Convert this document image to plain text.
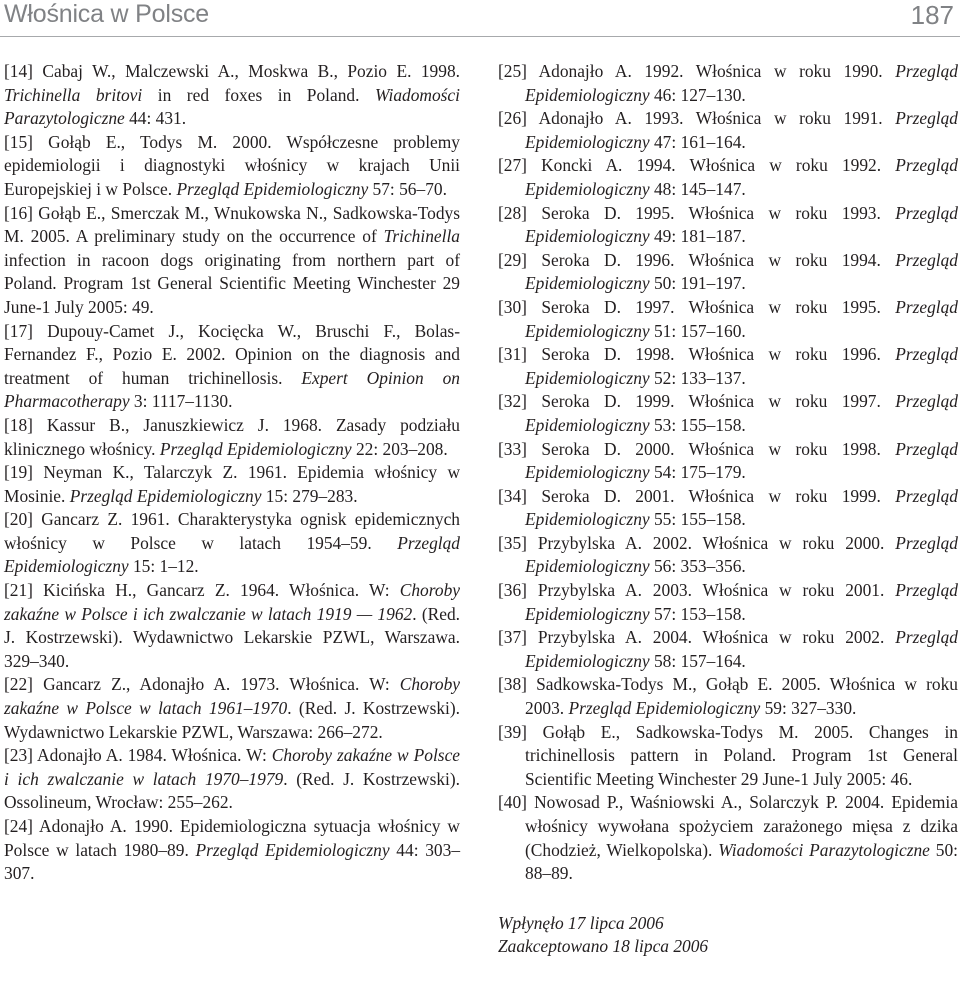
Włośnica w Polsce	187

[14] Cabaj W., Malczewski A., Moskwa B., Pozio E. 1998. Trichinella britovi in red foxes in Poland. Wiadomości Parazytologiczne 44: 431.

[15] Gołąb E., Todys M. 2000. Współczesne problemy epidemiologii i diagnostyki włośnicy w krajach Unii Europejskiej i w Polsce. Przegląd Epidemiologiczny 57: 56–70.

[16] Gołąb E., Smerczak M., Wnukowska N., Sadkowska-Todys M. 2005. A preliminary study on the occurrence of Trichinella infection in racoon dogs originating from northern part of Poland. Program 1st General Scientific Meeting Winchester 29 June-1 July 2005: 49.

[17] Dupouy-Camet J., Kocięcka W., Bruschi F., Bolas-Fernandez F., Pozio E. 2002. Opinion on the diagnosis and treatment of human trichinellosis. Expert Opinion on Pharmacotherapy 3: 1117–1130.

[18] Kassur B., Januszkiewicz J. 1968. Zasady podziału klinicznego włośnicy. Przegląd Epidemiologiczny 22: 203–208.

[19] Neyman K., Talarczyk Z. 1961. Epidemia włośnicy w Mosinie. Przegląd Epidemiologiczny 15: 279–283.

[20] Gancarz Z. 1961. Charakterystyka ognisk epidemicznych włośnicy w Polsce w latach 1954–59. Przegląd Epidemiologiczny 15: 1–12.

[21] Kicińska H., Gancarz Z. 1964. Włośnica. W: Choroby zakaźne w Polsce i ich zwalczanie w latach 1919 — 1962. (Red. J. Kostrzewski). Wydawnictwo Lekarskie PZWL, Warszawa. 329–340.

[22] Gancarz Z., Adonajło A. 1973. Włośnica. W: Choroby zakaźne w Polsce w latach 1961–1970. (Red. J. Kostrzewski). Wydawnictwo Lekarskie PZWL, Warszawa: 266–272.

[23] Adonajło A. 1984. Włośnica. W: Choroby zakaźne w Polsce i ich zwalczanie w latach 1970–1979. (Red. J. Kostrzewski). Ossolineum, Wrocław: 255–262.

[24] Adonajło A. 1990. Epidemiologiczna sytuacja włośnicy w Polsce w latach 1980–89. Przegląd Epidemiologiczny 44: 303–307.

[25] Adonajło A. 1992. Włośnica w roku 1990. Przegląd Epidemiologiczny 46: 127–130.

[26] Adonajło A. 1993. Włośnica w roku 1991. Przegląd Epidemiologiczny 47: 161–164.

[27] Koncki A. 1994. Włośnica w roku 1992. Przegląd Epidemiologiczny 48: 145–147.

[28] Seroka D. 1995. Włośnica w roku 1993. Przegląd Epidemiologiczny 49: 181–187.

[29] Seroka D. 1996. Włośnica w roku 1994. Przegląd Epidemiologiczny 50: 191–197.

[30] Seroka D. 1997. Włośnica w roku 1995. Przegląd Epidemiologiczny 51: 157–160.

[31] Seroka D. 1998. Włośnica w roku 1996. Przegląd Epidemiologiczny 52: 133–137.

[32] Seroka D. 1999. Włośnica w roku 1997. Przegląd Epidemiologiczny 53: 155–158.

[33] Seroka D. 2000. Włośnica w roku 1998. Przegląd Epidemiologiczny 54: 175–179.

[34] Seroka D. 2001. Włośnica w roku 1999. Przegląd Epidemiologiczny 55: 155–158.

[35] Przybylska A. 2002. Włośnica w roku 2000. Przegląd Epidemiologiczny 56: 353–356.

[36] Przybylska A. 2003. Włośnica w roku 2001. Przegląd Epidemiologiczny 57: 153–158.

[37] Przybylska A. 2004. Włośnica w roku 2002. Przegląd Epidemiologiczny 58: 157–164.

[38] Sadkowska-Todys M., Gołąb E. 2005. Włośnica w roku 2003. Przegląd Epidemiologiczny 59: 327–330.

[39] Gołąb E., Sadkowska-Todys M. 2005. Changes in trichinellosis pattern in Poland. Program 1st General Scientific Meeting Winchester 29 June-1 July 2005: 46.

[40] Nowosad P., Waśniowski A., Solarczyk P. 2004. Epidemia włośnicy wywołana spożyciem zarażonego mięsa z dzika (Chodzież, Wielkopolska). Wiadomości Parazytologiczne 50: 88–89.

Wpłynęło 17 lipca 2006
Zaakceptowano 18 lipca 2006
